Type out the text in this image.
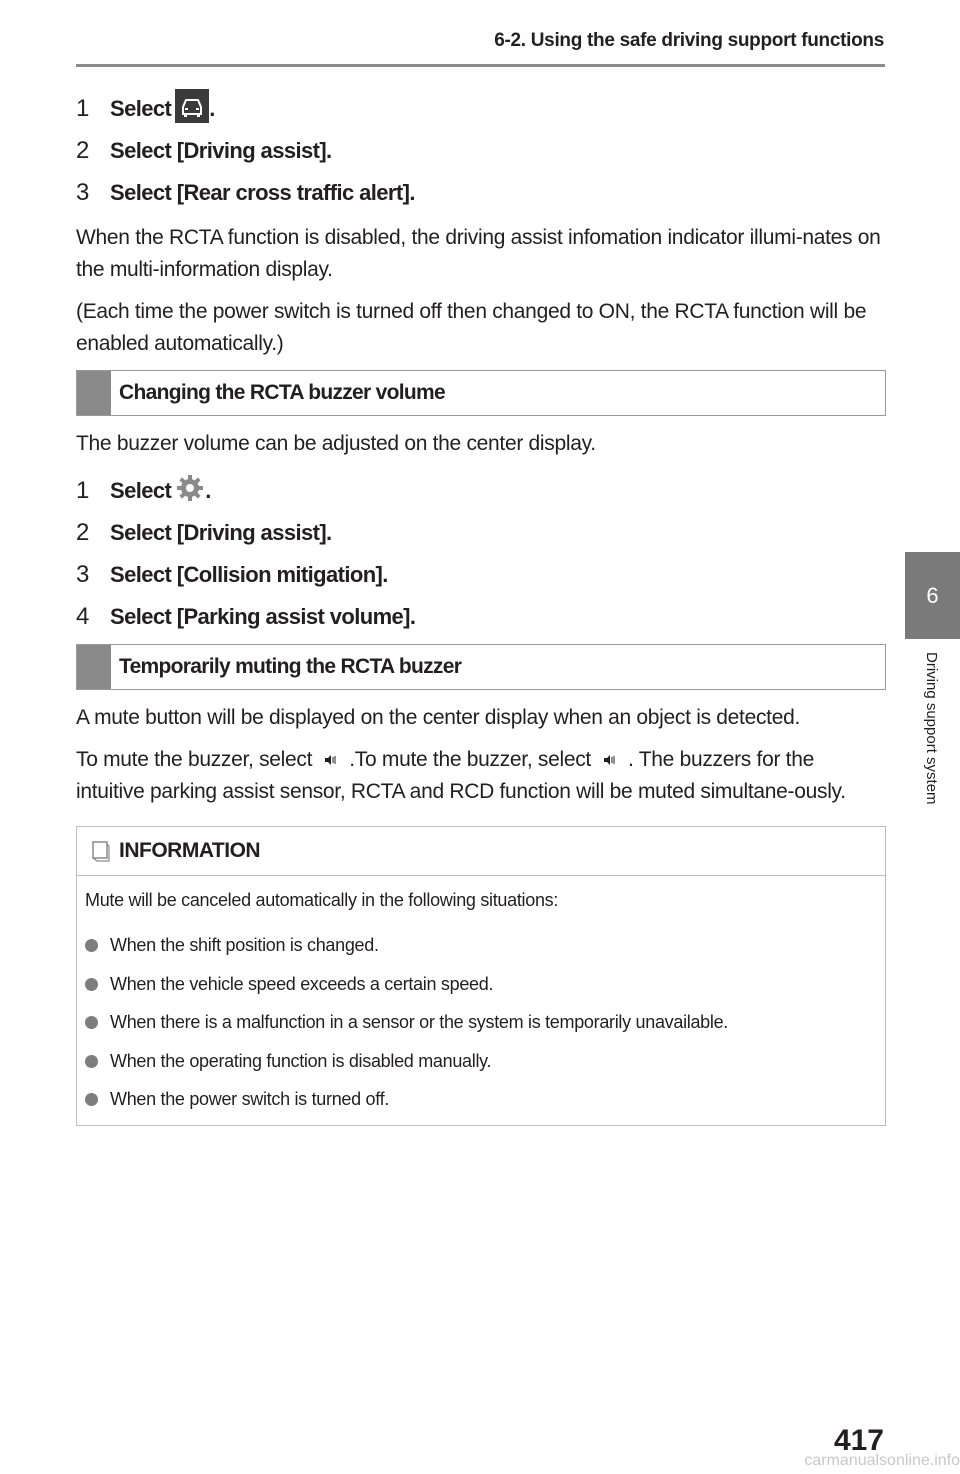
6-2. Using the safe driving support functions
6
Driving support system
1 Select .
2 Select [Driving assist].
3 Select [Rear cross traffic alert].

When the RCTA function is disabled, the driving assist infomation indicator illumi-nates on the multi-information display.

(Each time the power switch is turned off then changed to ON, the RCTA function will be enabled automatically.)

Changing the RCTA buzzer volume

The buzzer volume can be adjusted on the center display.

1 Select .
2 Select [Driving assist].
3 Select [Collision mitigation].
4 Select [Parking assist volume].
Temporarily muting the RCTA buzzer

A mute button will be displayed on the center display when an object is detected.

To mute the buzzer, select .To mute the buzzer, select . The buzzers for the intuitive parking assist sensor, RCTA and RCD function will be muted simultane-ously.

INFORMATION

Mute will be canceled automatically in the following situations:

When the shift position is changed.
When the vehicle speed exceeds a certain speed.
When there is a malfunction in a sensor or the system is temporarily unavailable.
When the operating function is disabled manually.
When the power switch is turned off.
417
carmanualsonline.info
